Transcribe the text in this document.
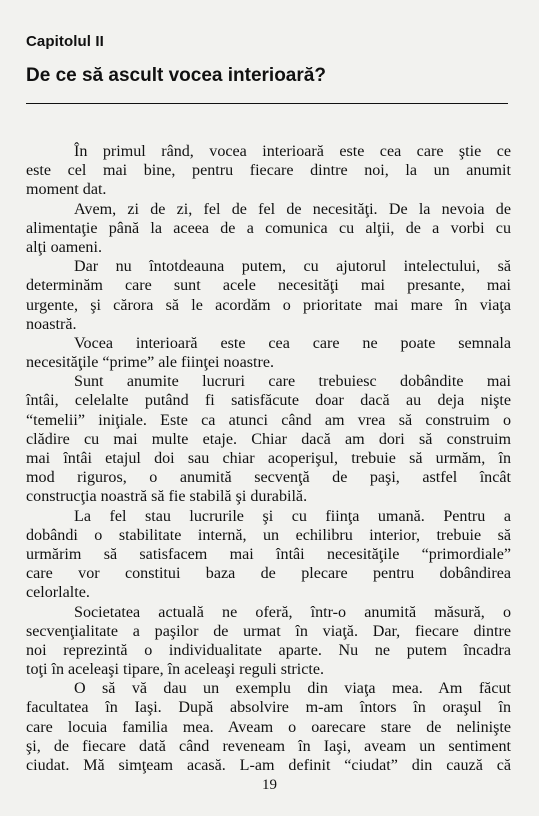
Capitolul II
De ce să ascult vocea interioară?
În primul rând, vocea interioară este cea care ştie ce
este cel mai bine, pentru fiecare dintre noi, la un anumit
moment dat.
Avem, zi de zi, fel de fel de necesităţi. De la nevoia de
alimentaţie până la aceea de a comunica cu alţii, de a vorbi cu
alţi oameni.
Dar nu întotdeauna putem, cu ajutorul intelectului, să
determinăm care sunt acele necesităţi mai presante, mai
urgente, şi cărora să le acordăm o prioritate mai mare în viaţa
noastră.
Vocea interioară este cea care ne poate semnala
necesităţile “prime” ale fiinţei noastre.
Sunt anumite lucruri care trebuiesc dobândite mai
întâi, celelalte putând fi satisfăcute doar dacă au deja nişte
“temelii” iniţiale. Este ca atunci când am vrea să construim o
clădire cu mai multe etaje. Chiar dacă am dori să construim
mai întâi etajul doi sau chiar acoperişul, trebuie să urmăm, în
mod riguros, o anumită secvenţă de paşi, astfel încât
construcţia noastră să fie stabilă şi durabilă.
La fel stau lucrurile şi cu fiinţa umană. Pentru a
dobândi o stabilitate internă, un echilibru interior, trebuie să
urmărim să satisfacem mai întâi necesităţile “primordiale”
care vor constitui baza de plecare pentru dobândirea
celorlalte.
Societatea actuală ne oferă, într-o anumită măsură, o
secvenţialitate a paşilor de urmat în viaţă. Dar, fiecare dintre
noi reprezintă o individualitate aparte. Nu ne putem încadra
toţi în aceleaşi tipare, în aceleaşi reguli stricte.
O să vă dau un exemplu din viaţa mea. Am făcut
facultatea în Iaşi. După absolvire m-am întors în oraşul în
care locuia familia mea. Aveam o oarecare stare de nelinişte
şi, de fiecare dată când reveneam în Iaşi, aveam un sentiment
ciudat. Mă simţeam acasă. L-am definit “ciudat” din cauză că
19
